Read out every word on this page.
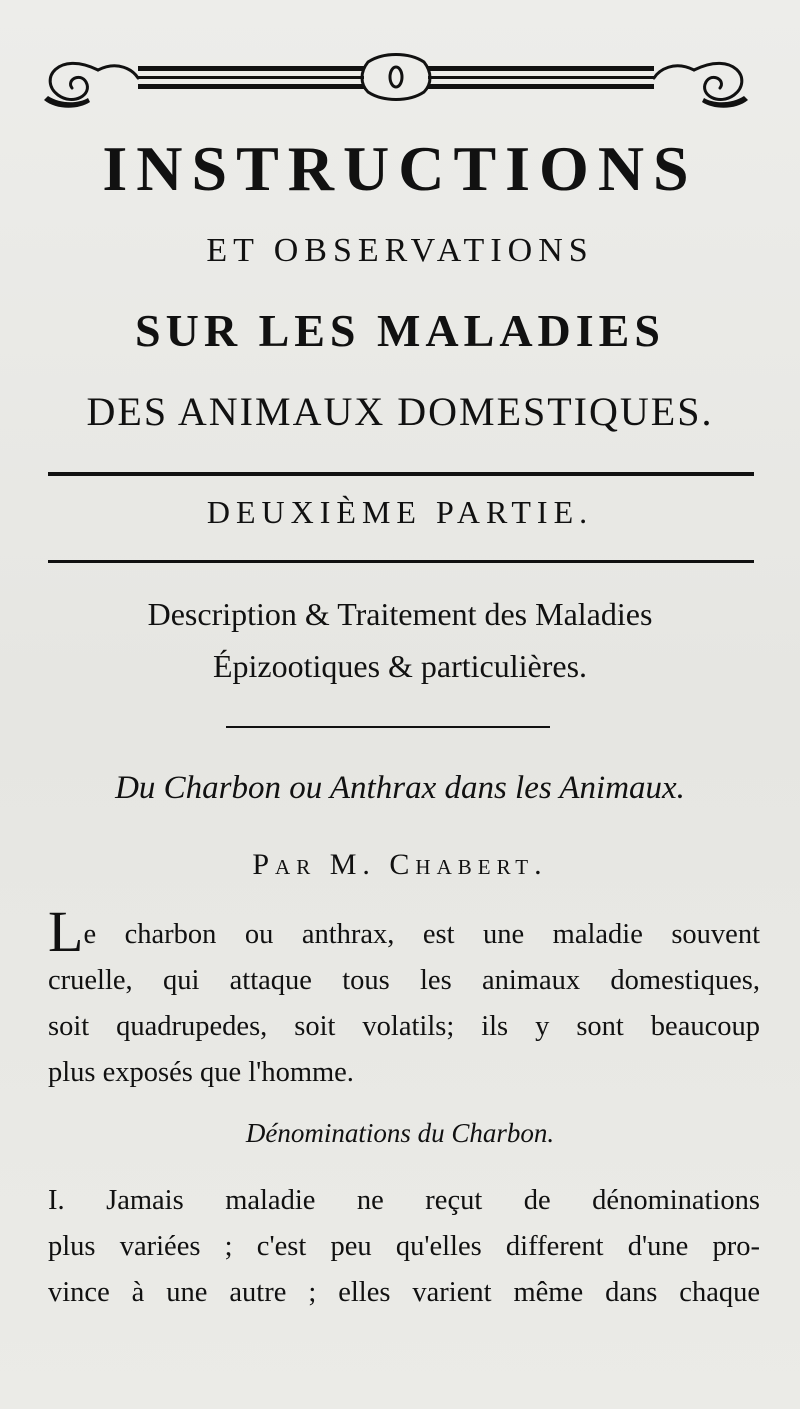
INSTRUCTIONS
ET OBSERVATIONS
SUR LES MALADIES
DES ANIMAUX DOMESTIQUES.
DEUXIÈME PARTIE.
Description & Traitement des Maladies
Épizootiques & particulières.
Du Charbon ou Anthrax dans les Animaux.
Par M. Chabert.
Le charbon ou anthrax, est une maladie souvent
cruelle, qui attaque tous les animaux domestiques,
soit quadrupedes, soit volatils; ils y sont beaucoup
plus exposés que l'homme.
Dénominations du Charbon.
I. Jamais maladie ne reçut de dénominations
plus variées ; c'est peu qu'elles different d'une pro-
vince à une autre ; elles varient même dans chaque
